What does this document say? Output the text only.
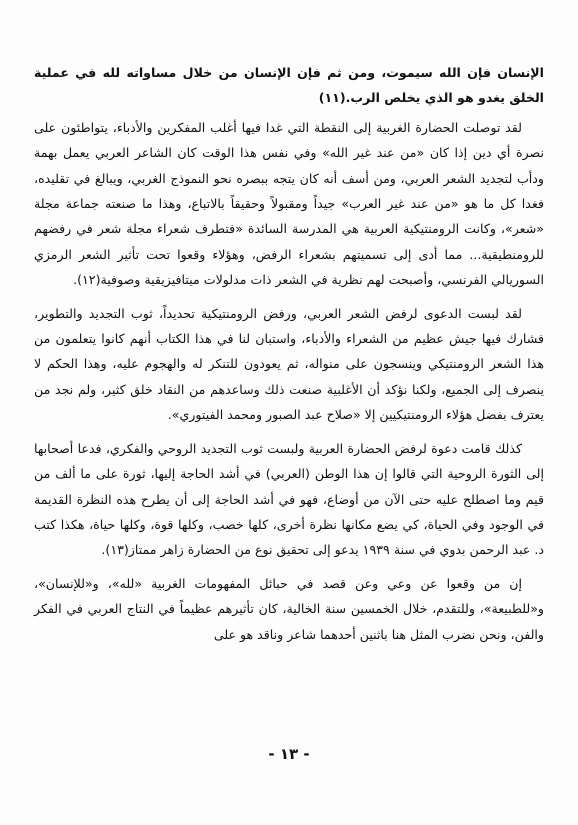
الإنسان فإن الله سيموت، ومن ثم فإن الإنسان من خلال مساواته لله في عملية الخلق يغدو هو الذي يخلص الرب.(١١)

لقد توصلت الحضارة الغربية إلى النقطة التي غدا فيها أغلب المفكرين والأدباء، يتواطئون على نصرة أي دين إذا كان «من عند غير الله» وفي نفس هذا الوقت كان الشاعر العربي يعمل بهمة ودأب لتجديد الشعر العربي، ومن أسف أنه كان يتجه ببصره نحو النموذج الغربي، ويبالغ في تقليده، فغدا كل ما هو «من عند غير العرب» جيداً ومقبولاً وحقيقاً بالاتباع، وهذا ما صنعته جماعة مجلة «شعر»، وكانت الرومنتيكية العربية هي المدرسة السائدة «فتطرف شعراء مجلة شعر في رفضهم للرومنطيقية... مما أدى إلى تسميتهم بشعراء الرفض، وهؤلاء وقعوا تحت تأثير الشعر الرمزي السوريالي الفرنسي، وأصبحت لهم نظرية في الشعر ذات مدلولات ميتافيزيقية وصوفية(١٢).

لقد لبست الدعوى لرفض الشعر العربي، ورفض الرومنتيكية تحديداً، ثوب التجديد والتطوير، فشارك فيها جيش عظيم من الشعراء والأدباء، واستبان لنا في هذا الكتاب أنهم كانوا يتعلمون من هذا الشعر الرومنتيكي وينسجون على منواله، ثم يعودون للتنكر له والهجوم عليه، وهذا الحكم لا ينصرف إلى الجميع، ولكنا نؤكد أن الأغلبية صنعت ذلك وساعدهم من النقاد خلق كثير، ولم نجد من يعترف بفضل هؤلاء الرومنتيكيين إلا «صلاح عبد الصبور ومحمد الفيتوري».

كذلك قامت دعوة لرفض الحضارة العربية ولبست ثوب التجديد الروحي والفكري، فدعا أصحابها إلى الثورة الروحية التي قالوا إن هذا الوطن (العربي) في أشد الحاجة إليها، ثورة على ما ألف من قيم وما اصطلح عليه حتى الآن من أوضاع، فهو في أشد الحاجة إلى أن يطرح هذه النظرة القديمة في الوجود وفي الحياة، كي يضع مكانها نظرة أخرى، كلها خصب، وكلها قوة، وكلها حياة، هكذا كتب د. عبد الرحمن بدوي في سنة ١٩٣٩ يدعو إلى تحقيق نوع من الحضارة زاهر ممتاز(١٣).

إن من وقعوا عن وعي وعن قصد في حبائل المفهومات الغربية «لله»، و«للإنسان»، و«للطبيعة»، وللتقدم، خلال الخمسين سنة الخالية، كان تأثيرهم عظيماً في النتاج العربي في الفكر والفن، ونحن نضرب المثل هنا باثنين أحدهما شاعر وناقد هو على

- ١٣ -
